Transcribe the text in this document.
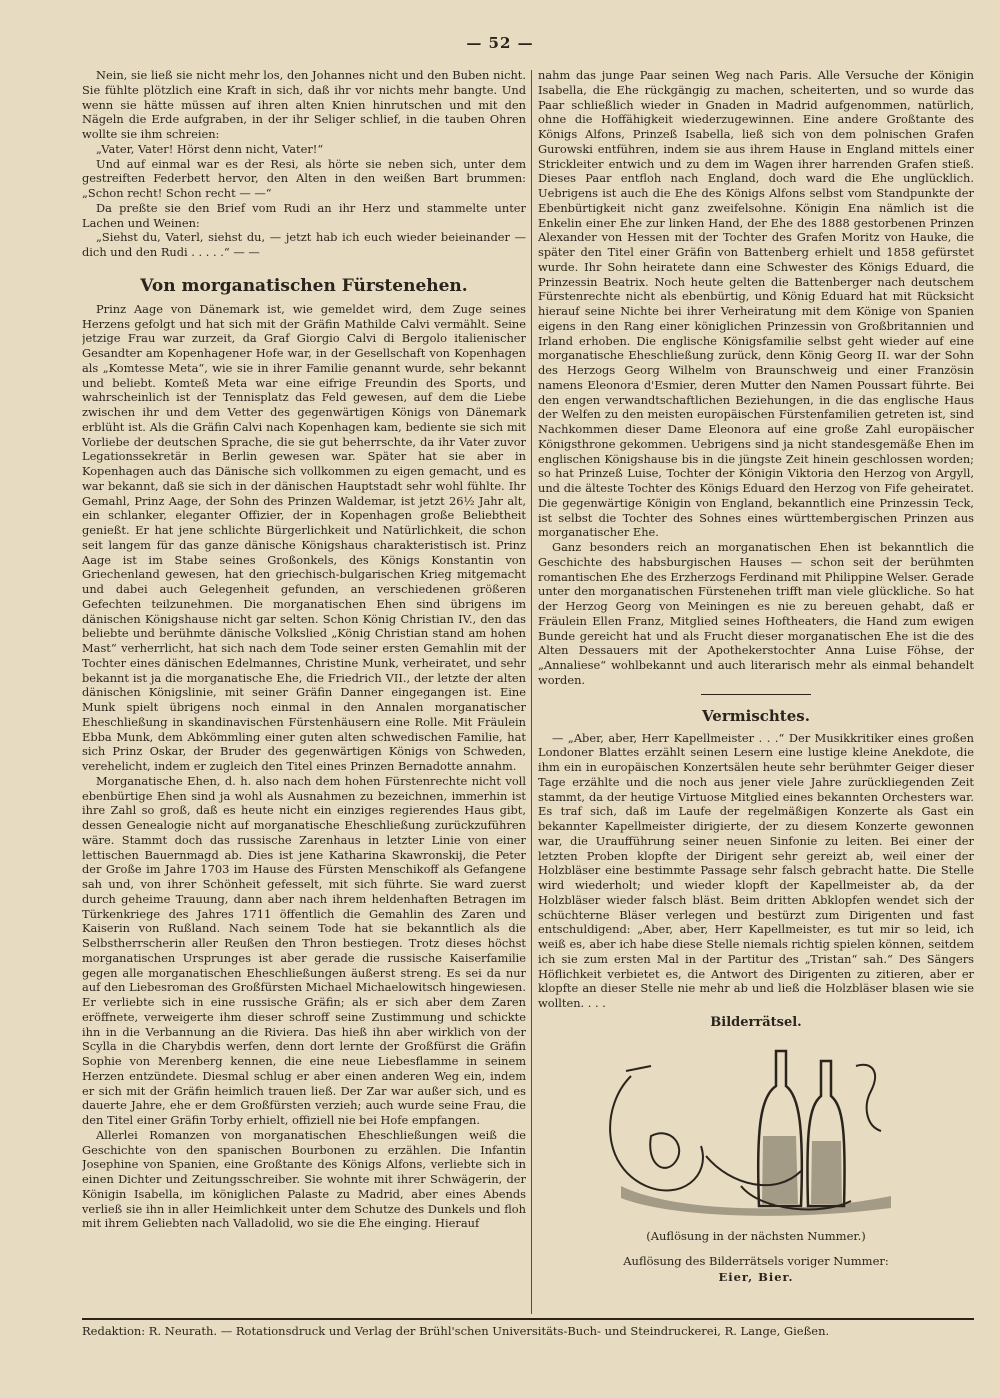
— 52 —

Nein, sie ließ sie nicht mehr los, den Johannes nicht und den Buben nicht. Sie fühlte plötzlich eine Kraft in sich, daß ihr vor nichts mehr bangte. Und wenn sie hätte müssen auf ihren alten Knien hinrutschen und mit den Nägeln die Erde aufgraben, in der ihr Seliger schlief, in die tauben Ohren wollte sie ihm schreien:

„Vater, Vater! Hörst denn nicht, Vater!“

Und auf einmal war es der Resi, als hörte sie neben sich, unter dem gestreiften Federbett hervor, den Alten in den weißen Bart brummen: „Schon recht! Schon recht — —“

Da preßte sie den Brief vom Rudi an ihr Herz und stammelte unter Lachen und Weinen:

„Siehst du, Vaterl, siehst du, — jetzt hab ich euch wieder beieinander — dich und den Rudi . . . . .“ — —

Von morganatischen Fürstenehen.

Prinz Aage von Dänemark ist, wie gemeldet wird, dem Zuge seines Herzens gefolgt und hat sich mit der Gräfin Mathilde Calvi vermählt. Seine jetzige Frau war zurzeit, da Graf Giorgio Calvi di Bergolo italienischer Gesandter am Kopenhagener Hofe war, in der Gesellschaft von Kopenhagen als „Komtesse Meta“, wie sie in ihrer Familie genannt wurde, sehr bekannt und beliebt. Komteß Meta war eine eifrige Freundin des Sports, und wahrscheinlich ist der Tennisplatz das Feld gewesen, auf dem die Liebe zwischen ihr und dem Vetter des gegenwärtigen Königs von Dänemark erblüht ist. Als die Gräfin Calvi nach Kopenhagen kam, bediente sie sich mit Vorliebe der deutschen Sprache, die sie gut beherrschte, da ihr Vater zuvor Legationssekretär in Berlin gewesen war. Später hat sie aber in Kopenhagen auch das Dänische sich vollkommen zu eigen gemacht, und es war bekannt, daß sie sich in der dänischen Hauptstadt sehr wohl fühlte. Ihr Gemahl, Prinz Aage, der Sohn des Prinzen Waldemar, ist jetzt 26½ Jahr alt, ein schlanker, eleganter Offizier, der in Kopenhagen große Beliebtheit genießt. Er hat jene schlichte Bürgerlichkeit und Natürlichkeit, die schon seit langem für das ganze dänische Königshaus charakteristisch ist. Prinz Aage ist im Stabe seines Großonkels, des Königs Konstantin von Griechenland gewesen, hat den griechisch-bulgarischen Krieg mitgemacht und dabei auch Gelegenheit gefunden, an verschiedenen größeren Gefechten teilzunehmen. Die morganatischen Ehen sind übrigens im dänischen Königshause nicht gar selten. Schon König Christian IV., den das beliebte und berühmte dänische Volkslied „König Christian stand am hohen Mast“ verherrlicht, hat sich nach dem Tode seiner ersten Gemahlin mit der Tochter eines dänischen Edelmannes, Christine Munk, verheiratet, und sehr bekannt ist ja die morganatische Ehe, die Friedrich VII., der letzte der alten dänischen Königslinie, mit seiner Gräfin Danner eingegangen ist. Eine Munk spielt übrigens noch einmal in den Annalen morganatischer Eheschließung in skandinavischen Fürstenhäusern eine Rolle. Mit Fräulein Ebba Munk, dem Abkömmling einer guten alten schwedischen Familie, hat sich Prinz Oskar, der Bruder des gegenwärtigen Königs von Schweden, verehelicht, indem er zugleich den Titel eines Prinzen Bernadotte annahm.

Morganatische Ehen, d. h. also nach dem hohen Fürstenrechte nicht voll ebenbürtige Ehen sind ja wohl als Ausnahmen zu bezeichnen, immerhin ist ihre Zahl so groß, daß es heute nicht ein einziges regierendes Haus gibt, dessen Genealogie nicht auf morganatische Eheschließung zurückzuführen wäre. Stammt doch das russische Zarenhaus in letzter Linie von einer lettischen Bauernmagd ab. Dies ist jene Katharina Skawronskij, die Peter der Große im Jahre 1703 im Hause des Fürsten Menschikoff als Gefangene sah und, von ihrer Schönheit gefesselt, mit sich führte. Sie ward zuerst durch geheime Trauung, dann aber nach ihrem heldenhaften Betragen im Türkenkriege des Jahres 1711 öffentlich die Gemahlin des Zaren und Kaiserin von Rußland. Nach seinem Tode hat sie bekanntlich als die Selbstherrscherin aller Reußen den Thron bestiegen. Trotz dieses höchst morganatischen Ursprunges ist aber gerade die russische Kaiserfamilie gegen alle morganatischen Eheschließungen äußerst streng. Es sei da nur auf den Liebesroman des Großfürsten Michael Michaelowitsch hingewiesen. Er verliebte sich in eine russische Gräfin; als er sich aber dem Zaren eröffnete, verweigerte ihm dieser schroff seine Zustimmung und schickte ihn in die Verbannung an die Riviera. Das hieß ihn aber wirklich von der Scylla in die Charybdis werfen, denn dort lernte der Großfürst die Gräfin Sophie von Merenberg kennen, die eine neue Liebesflamme in seinem Herzen entzündete. Diesmal schlug er aber einen anderen Weg ein, indem er sich mit der Gräfin heimlich trauen ließ. Der Zar war außer sich, und es dauerte Jahre, ehe er dem Großfürsten verzieh; auch wurde seine Frau, die den Titel einer Gräfin Torby erhielt, offiziell nie bei Hofe empfangen.

Allerlei Romanzen von morganatischen Eheschließungen weiß die Geschichte von den spanischen Bourbonen zu erzählen. Die Infantin Josephine von Spanien, eine Großtante des Königs Alfons, verliebte sich in einen Dichter und Zeitungsschreiber. Sie wohnte mit ihrer Schwägerin, der Königin Isabella, im königlichen Palaste zu Madrid, aber eines Abends verließ sie ihn in aller Heimlichkeit unter dem Schutze des Dunkels und floh mit ihrem Geliebten nach Valladolid, wo sie die Ehe einging. Hierauf

nahm das junge Paar seinen Weg nach Paris. Alle Versuche der Königin Isabella, die Ehe rückgängig zu machen, scheiterten, und so wurde das Paar schließlich wieder in Gnaden in Madrid aufgenommen, natürlich, ohne die Hoffähigkeit wiederzugewinnen. Eine andere Großtante des Königs Alfons, Prinzeß Isabella, ließ sich von dem polnischen Grafen Gurowski entführen, indem sie aus ihrem Hause in England mittels einer Strickleiter entwich und zu dem im Wagen ihrer harrenden Grafen stieß. Dieses Paar entfloh nach England, doch ward die Ehe unglücklich. Uebrigens ist auch die Ehe des Königs Alfons selbst vom Standpunkte der Ebenbürtigkeit nicht ganz zweifelsohne. Königin Ena nämlich ist die Enkelin einer Ehe zur linken Hand, der Ehe des 1888 gestorbenen Prinzen Alexander von Hessen mit der Tochter des Grafen Moritz von Hauke, die später den Titel einer Gräfin von Battenberg erhielt und 1858 gefürstet wurde. Ihr Sohn heiratete dann eine Schwester des Königs Eduard, die Prinzessin Beatrix. Noch heute gelten die Battenberger nach deutschem Fürstenrechte nicht als ebenbürtig, und König Eduard hat mit Rücksicht hierauf seine Nichte bei ihrer Verheiratung mit dem Könige von Spanien eigens in den Rang einer königlichen Prinzessin von Großbritannien und Irland erhoben. Die englische Königsfamilie selbst geht wieder auf eine morganatische Eheschließung zurück, denn König Georg II. war der Sohn des Herzogs Georg Wilhelm von Braunschweig und einer Französin namens Eleonora d'Esmier, deren Mutter den Namen Poussart führte. Bei den engen verwandtschaftlichen Beziehungen, in die das englische Haus der Welfen zu den meisten europäischen Fürstenfamilien getreten ist, sind Nachkommen dieser Dame Eleonora auf eine große Zahl europäischer Königsthrone gekommen. Uebrigens sind ja nicht standesgemäße Ehen im englischen Königshause bis in die jüngste Zeit hinein geschlossen worden; so hat Prinzeß Luise, Tochter der Königin Viktoria den Herzog von Argyll, und die älteste Tochter des Königs Eduard den Herzog von Fife geheiratet. Die gegenwärtige Königin von England, bekanntlich eine Prinzessin Teck, ist selbst die Tochter des Sohnes eines württembergischen Prinzen aus morganatischer Ehe.

Ganz besonders reich an morganatischen Ehen ist bekanntlich die Geschichte des habsburgischen Hauses — schon seit der berühmten romantischen Ehe des Erzherzogs Ferdinand mit Philippine Welser. Gerade unter den morganatischen Fürstenehen trifft man viele glückliche. So hat der Herzog Georg von Meiningen es nie zu bereuen gehabt, daß er Fräulein Ellen Franz, Mitglied seines Hoftheaters, die Hand zum ewigen Bunde gereicht hat und als Frucht dieser morganatischen Ehe ist die des Alten Dessauers mit der Apothekerstochter Anna Luise Föhse, der „Annaliese“ wohlbekannt und auch literarisch mehr als einmal behandelt worden.

Vermischtes.

— „Aber, aber, Herr Kapellmeister . . .“ Der Musikkritiker eines großen Londoner Blattes erzählt seinen Lesern eine lustige kleine Anekdote, die ihm ein in europäischen Konzertsälen heute sehr berühmter Geiger dieser Tage erzählte und die noch aus jener viele Jahre zurückliegenden Zeit stammt, da der heutige Virtuose Mitglied eines bekannten Orchesters war. Es traf sich, daß im Laufe der regelmäßigen Konzerte als Gast ein bekannter Kapellmeister dirigierte, der zu diesem Konzerte gewonnen war, die Uraufführung seiner neuen Sinfonie zu leiten. Bei einer der letzten Proben klopfte der Dirigent sehr gereizt ab, weil einer der Holzbläser eine bestimmte Passage sehr falsch gebracht hatte. Die Stelle wird wiederholt; und wieder klopft der Kapellmeister ab, da der Holzbläser wieder falsch bläst. Beim dritten Abklopfen wendet sich der schüchterne Bläser verlegen und bestürzt zum Dirigenten und fast entschuldigend: „Aber, aber, Herr Kapellmeister, es tut mir so leid, ich weiß es, aber ich habe diese Stelle niemals richtig spielen können, seitdem ich sie zum ersten Mal in der Partitur des „Tristan“ sah.“ Des Sängers Höflichkeit verbietet es, die Antwort des Dirigenten zu zitieren, aber er klopfte an dieser Stelle nie mehr ab und ließ die Holzbläser blasen wie sie wollten. . . .

Bilderrätsel.
(Auflösung in der nächsten Nummer.)
Auflösung des Bilderrätsels voriger Nummer:
Eier, Bier.
Redaktion: R. Neurath. — Rotationsdruck und Verlag der Brühl'schen Universitäts-Buch- und Steindruckerei, R. Lange, Gießen.
